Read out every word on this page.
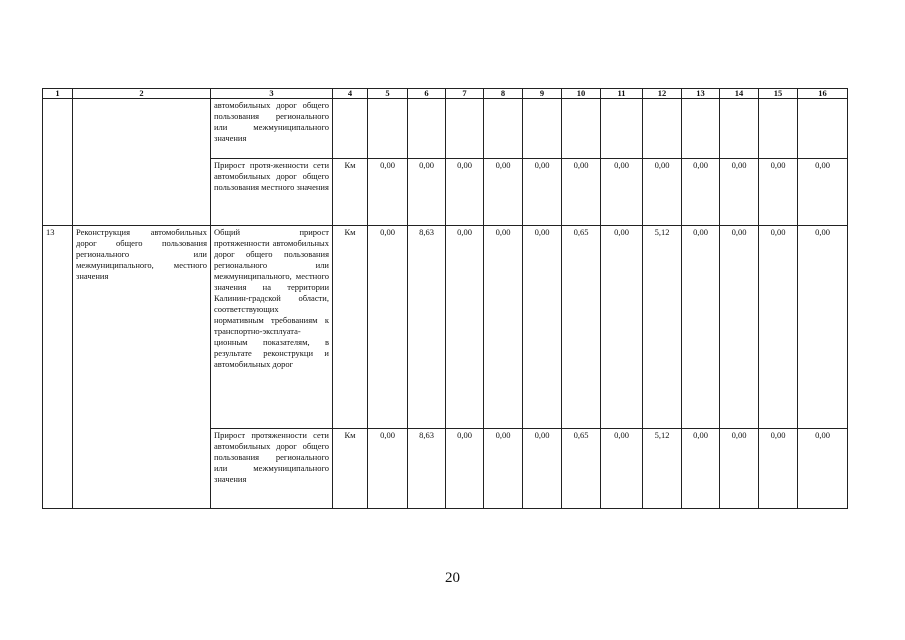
1	2	3	4	5	6	7	8	9	10	11	12	13	14	15	16
		автомобильных дорог общего пользования регионального или межмуниципального значения													
		Прирост протя-женности сети автомобильных дорог общего пользования местного значения	Км	0,00	0,00	0,00	0,00	0,00	0,00	0,00	0,00	0,00	0,00	0,00	0,00
13	Реконструкция автомобильных дорог общего пользования регионального или межмуниципального, местного значения	Общий прирост протяженности автомобильных дорог общего пользования регионального или межмуниципального, местного значения на территории Калинин-градской области, соответствующих нормативным требованиям к транспортно-эксплуата-ционным показателям, в результате реконструкци и автомобильных дорог	Км	0,00	8,63	0,00	0,00	0,00	0,65	0,00	5,12	0,00	0,00	0,00	0,00
		Прирост протяженности сети автомобильных дорог общего пользования регионального или межмуниципального значения	Км	0,00	8,63	0,00	0,00	0,00	0,65	0,00	5,12	0,00	0,00	0,00	0,00
20
